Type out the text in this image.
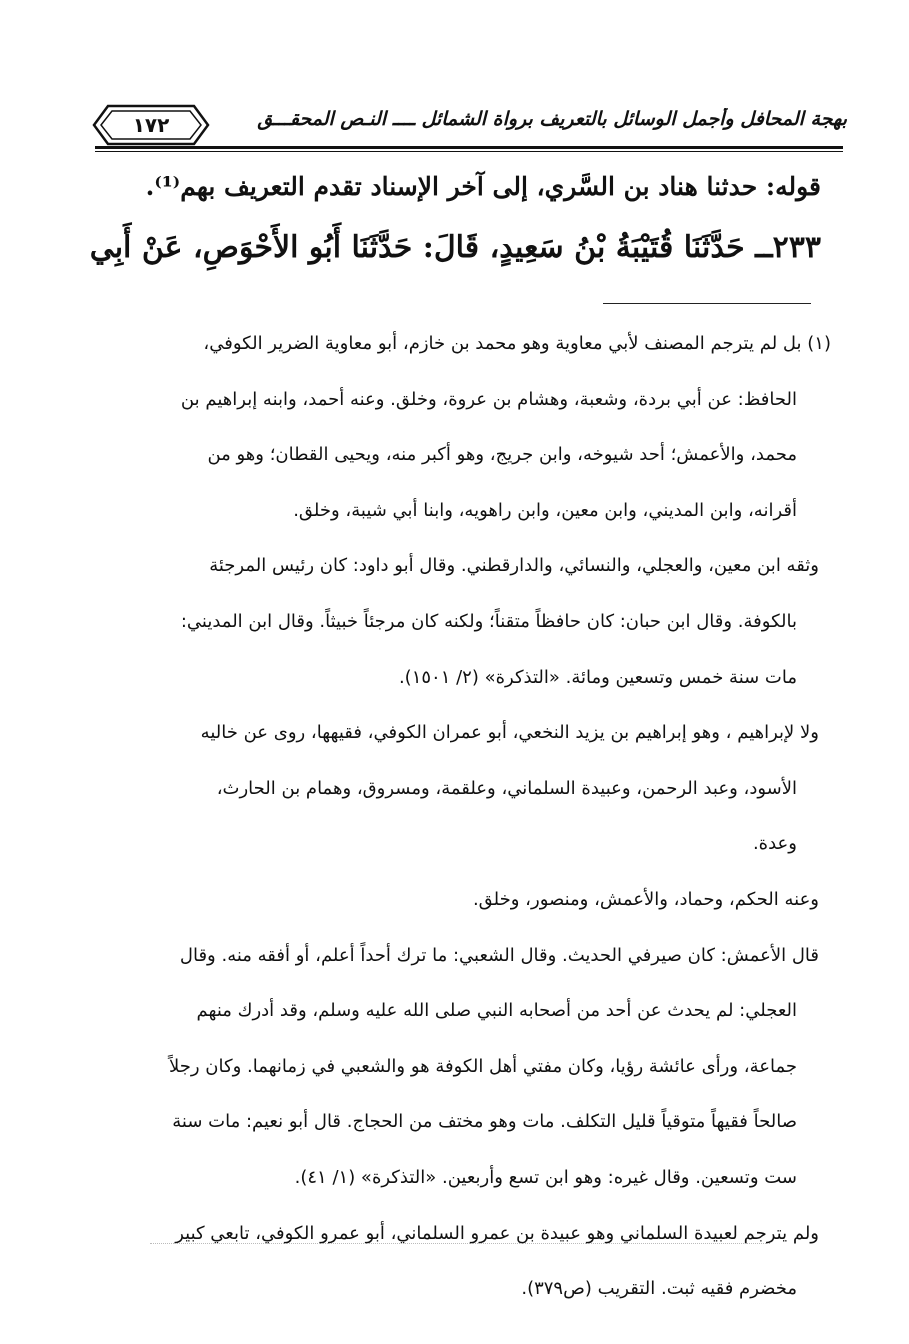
بهجة المحافل وأجمل الوسائل بالتعريف برواة الشمائل ــــ النـص المحقـــق
١٧٢
قوله: حدثنا هناد بن السَّري، إلى آخر الإسناد تقدم التعريف بهم⁽¹⁾.
٢٣٣ــ حَدَّثَنَا قُتَيْبَةُ بْنُ سَعِيدٍ، قَالَ: حَدَّثَنَا أَبُو الأَحْوَصِ، عَنْ أَبِي
(١) بل لم يترجم المصنف لأبي معاوية وهو محمد بن خازم، أبو معاوية الضرير الكوفي،
الحافظ: عن أبي بردة، وشعبة، وهشام بن عروة، وخلق. وعنه أحمد، وابنه إبراهيم بن
محمد، والأعمش؛ أحد شيوخه، وابن جريج، وهو أكبر منه، ويحيى القطان؛ وهو من
أقرانه، وابن المديني، وابن معين، وابن راهويه، وابنا أبي شيبة، وخلق.
وثقه ابن معين، والعجلي، والنسائي، والدارقطني. وقال أبو داود: كان رئيس المرجئة
بالكوفة. وقال ابن حبان: كان حافظاً متقناً؛ ولكنه كان مرجئاً خبيثاً. وقال ابن المديني:
مات سنة خمس وتسعين ومائة. «التذكرة» (٢/ ١٥٠١).
ولا لإبراهيم ، وهو إبراهيم بن يزيد النخعي، أبو عمران الكوفي، فقيهها، روى عن خاليه
الأسود، وعبد الرحمن، وعبيدة السلماني، وعلقمة، ومسروق، وهمام بن الحارث،
وعدة.
وعنه الحكم، وحماد، والأعمش، ومنصور، وخلق.
قال الأعمش: كان صيرفي الحديث. وقال الشعبي: ما ترك أحداً أعلم، أو أفقه منه. وقال
العجلي: لم يحدث عن أحد من أصحابه النبي صلى الله عليه وسلم، وقد أدرك منهم
جماعة، ورأى عائشة رؤيا، وكان مفتي أهل الكوفة هو والشعبي في زمانهما. وكان رجلاً
صالحاً فقيهاً متوقياً قليل التكلف. مات وهو مختف من الحجاج. قال أبو نعيم: مات سنة
ست وتسعين. وقال غيره: وهو ابن تسع وأربعين. «التذكرة» (١/ ٤١).
ولم يترجم لعبيدة السلماني وهو عبيدة بن عمرو السلماني، أبو عمرو الكوفي، تابعي كبير
مخضرم فقيه ثبت. التقريب (ص٣٧٩).
